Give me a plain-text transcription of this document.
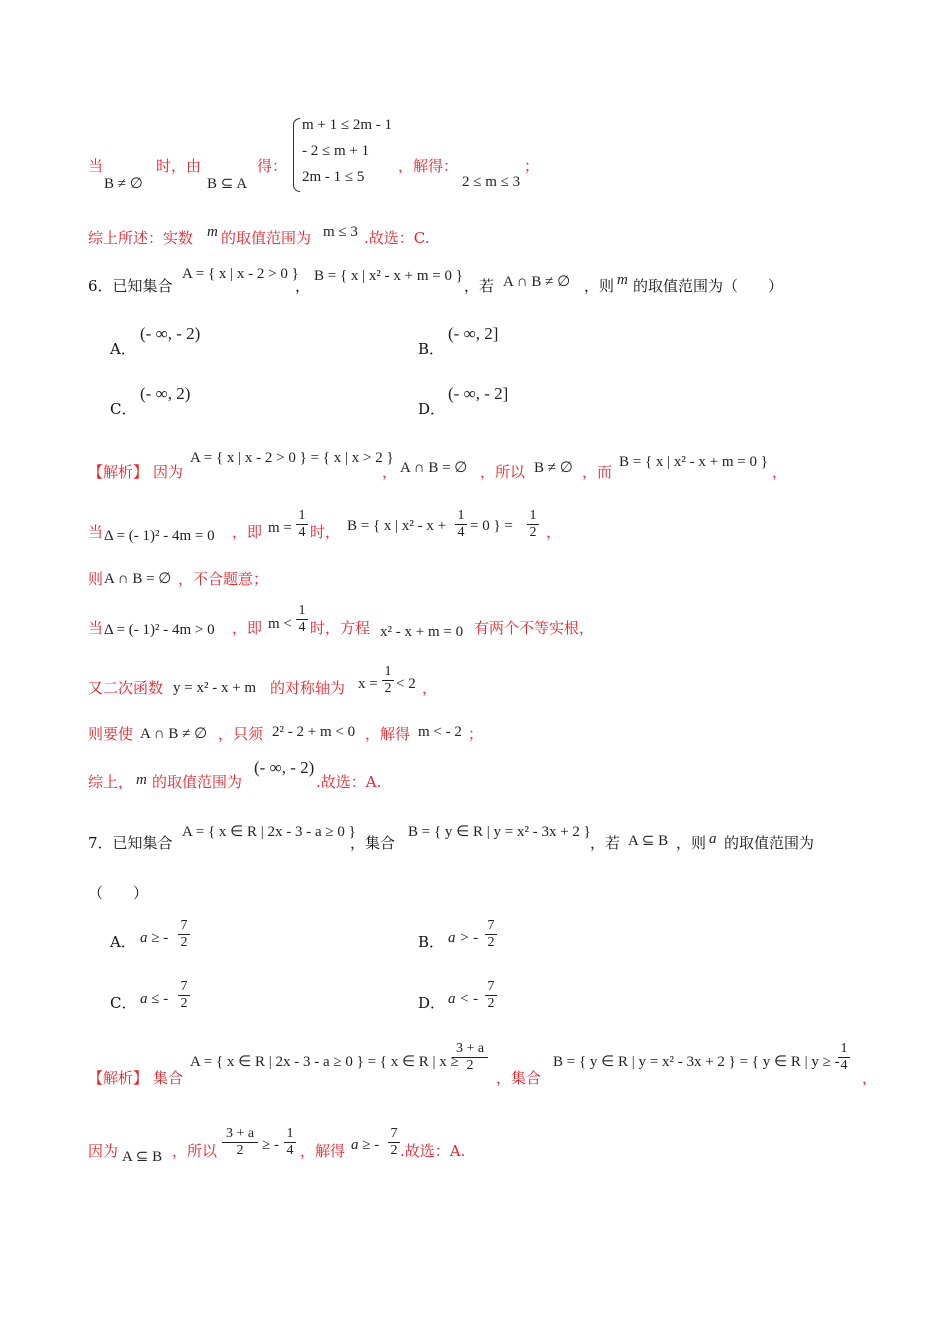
当
B ≠ ∅
时，由
B ⊆ A
得：
m + 1 ≤ 2m - 1
- 2 ≤ m + 1
2m - 1 ≤ 5
，解得：
2 ≤ m ≤ 3
；
综上所述：实数 m 的取值范围为 m ≤ 3 .故选：C.
6．已知集合
A = { x | x - 2 > 0 }
，
B = { x | x² - x + m = 0 }
，若 A ∩ B ≠ ∅ ，则 m 的取值范围为（　　）
A．
(- ∞, - 2)
B．
(- ∞, 2]
C．
(- ∞, 2)
D．
(- ∞, - 2]
【解析】 因为
A = { x | x - 2 > 0 } = { x | x > 2 }
， A ∩ B = ∅ ，所以 B ≠ ∅ ，而
B = { x | x² - x + m = 0 }
，
当 Δ = (- 1)² - 4m = 0 ，即 $m = \frac{1}{4}$ 时， B = { x | $x^2 - x + \frac{1}{4} = 0$ } = $\frac{1}{2}$ ，
则 A ∩ B = ∅ ，不合题意；
当 Δ = (- 1)² - 4m > 0 ，即 $m < \frac{1}{4}$ 时，方程 x² - x + m = 0 有两个不等实根，
又二次函数 y = x² - x + m 的对称轴为 $x = \frac{1}{2} < 2$ ，
则要使 A ∩ B ≠ ∅ ，只须 2² - 2 + m < 0 ，解得 m < - 2 ；
综上， m 的取值范围为
(- ∞, - 2)
.故选：A.
7．已知集合
A = { x ∈ R | 2x - 3 - a ≥ 0 }
，集合
B = { y ∈ R | y = x² - 3x + 2 }
，若 A ⊆ B ，则 a 的取值范围为
（　　）
A． a ≥ - $\frac{7}{2}$	B． a > - $\frac{7}{2}$
C． a ≤ - $\frac{7}{2}$	D． a < - $\frac{7}{2}$
【解析】 集合
A = { x ∈ R | 2x - 3 - a ≥ 0 } = { x ∈ R | x ≥
$\frac{3 + a}{2}$
，集合
B = { y ∈ R | y = x² - 3x + 2 } = { y ∈ R | y ≥ -
$\frac{1}{4}$
，
因为 A ⊆ B ，所以 $\frac{3 + a}{2}$ ≥ - $\frac{1}{4}$ ，解得 a ≥ - $\frac{7}{2}$ .故选：A.
